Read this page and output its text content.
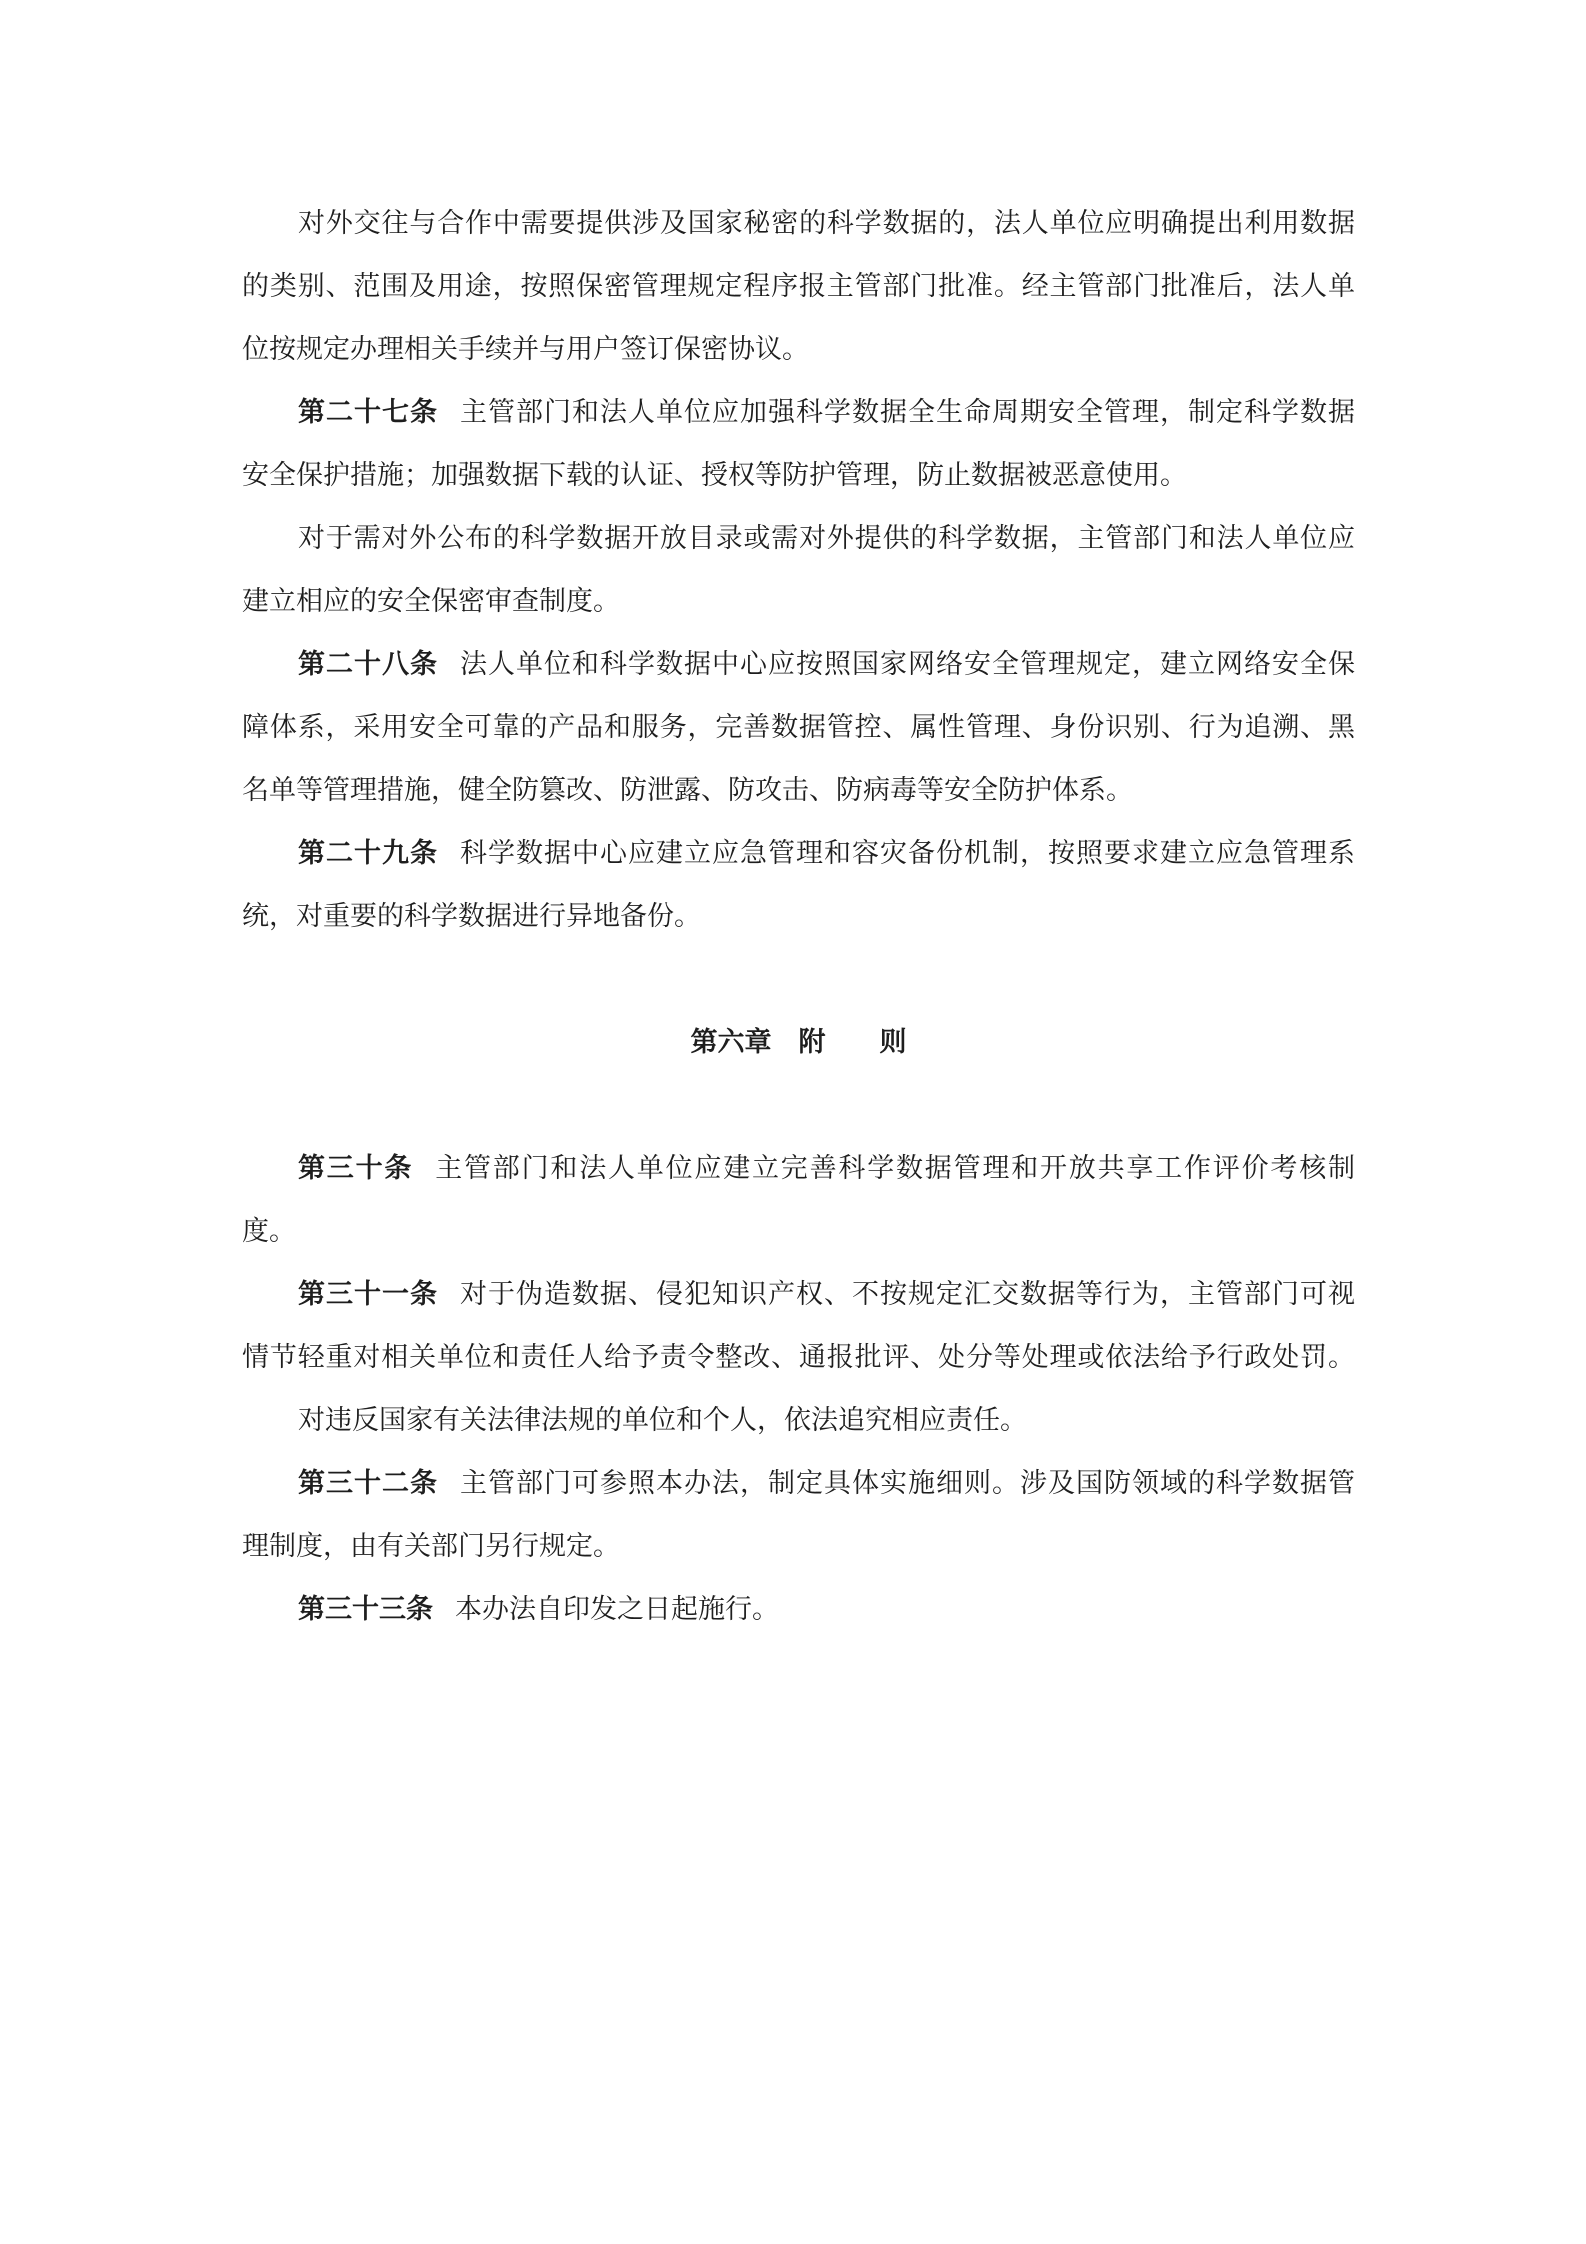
对外交往与合作中需要提供涉及国家秘密的科学数据的，法人单位应明确提出利用数据
的类别、范围及用途，按照保密管理规定程序报主管部门批准。经主管部门批准后，法人单
位按规定办理相关手续并与用户签订保密协议。
第二十七条 主管部门和法人单位应加强科学数据全生命周期安全管理，制定科学数据
安全保护措施；加强数据下载的认证、授权等防护管理，防止数据被恶意使用。
对于需对外公布的科学数据开放目录或需对外提供的科学数据，主管部门和法人单位应
建立相应的安全保密审查制度。
第二十八条 法人单位和科学数据中心应按照国家网络安全管理规定，建立网络安全保
障体系，采用安全可靠的产品和服务，完善数据管控、属性管理、身份识别、行为追溯、黑
名单等管理措施，健全防篡改、防泄露、防攻击、防病毒等安全防护体系。
第二十九条 科学数据中心应建立应急管理和容灾备份机制，按照要求建立应急管理系
统，对重要的科学数据进行异地备份。
第六章　附　　则
第三十条 主管部门和法人单位应建立完善科学数据管理和开放共享工作评价考核制
度。
第三十一条 对于伪造数据、侵犯知识产权、不按规定汇交数据等行为，主管部门可视
情节轻重对相关单位和责任人给予责令整改、通报批评、处分等处理或依法给予行政处罚。
对违反国家有关法律法规的单位和个人，依法追究相应责任。
第三十二条 主管部门可参照本办法，制定具体实施细则。涉及国防领域的科学数据管
理制度，由有关部门另行规定。
第三十三条 本办法自印发之日起施行。
